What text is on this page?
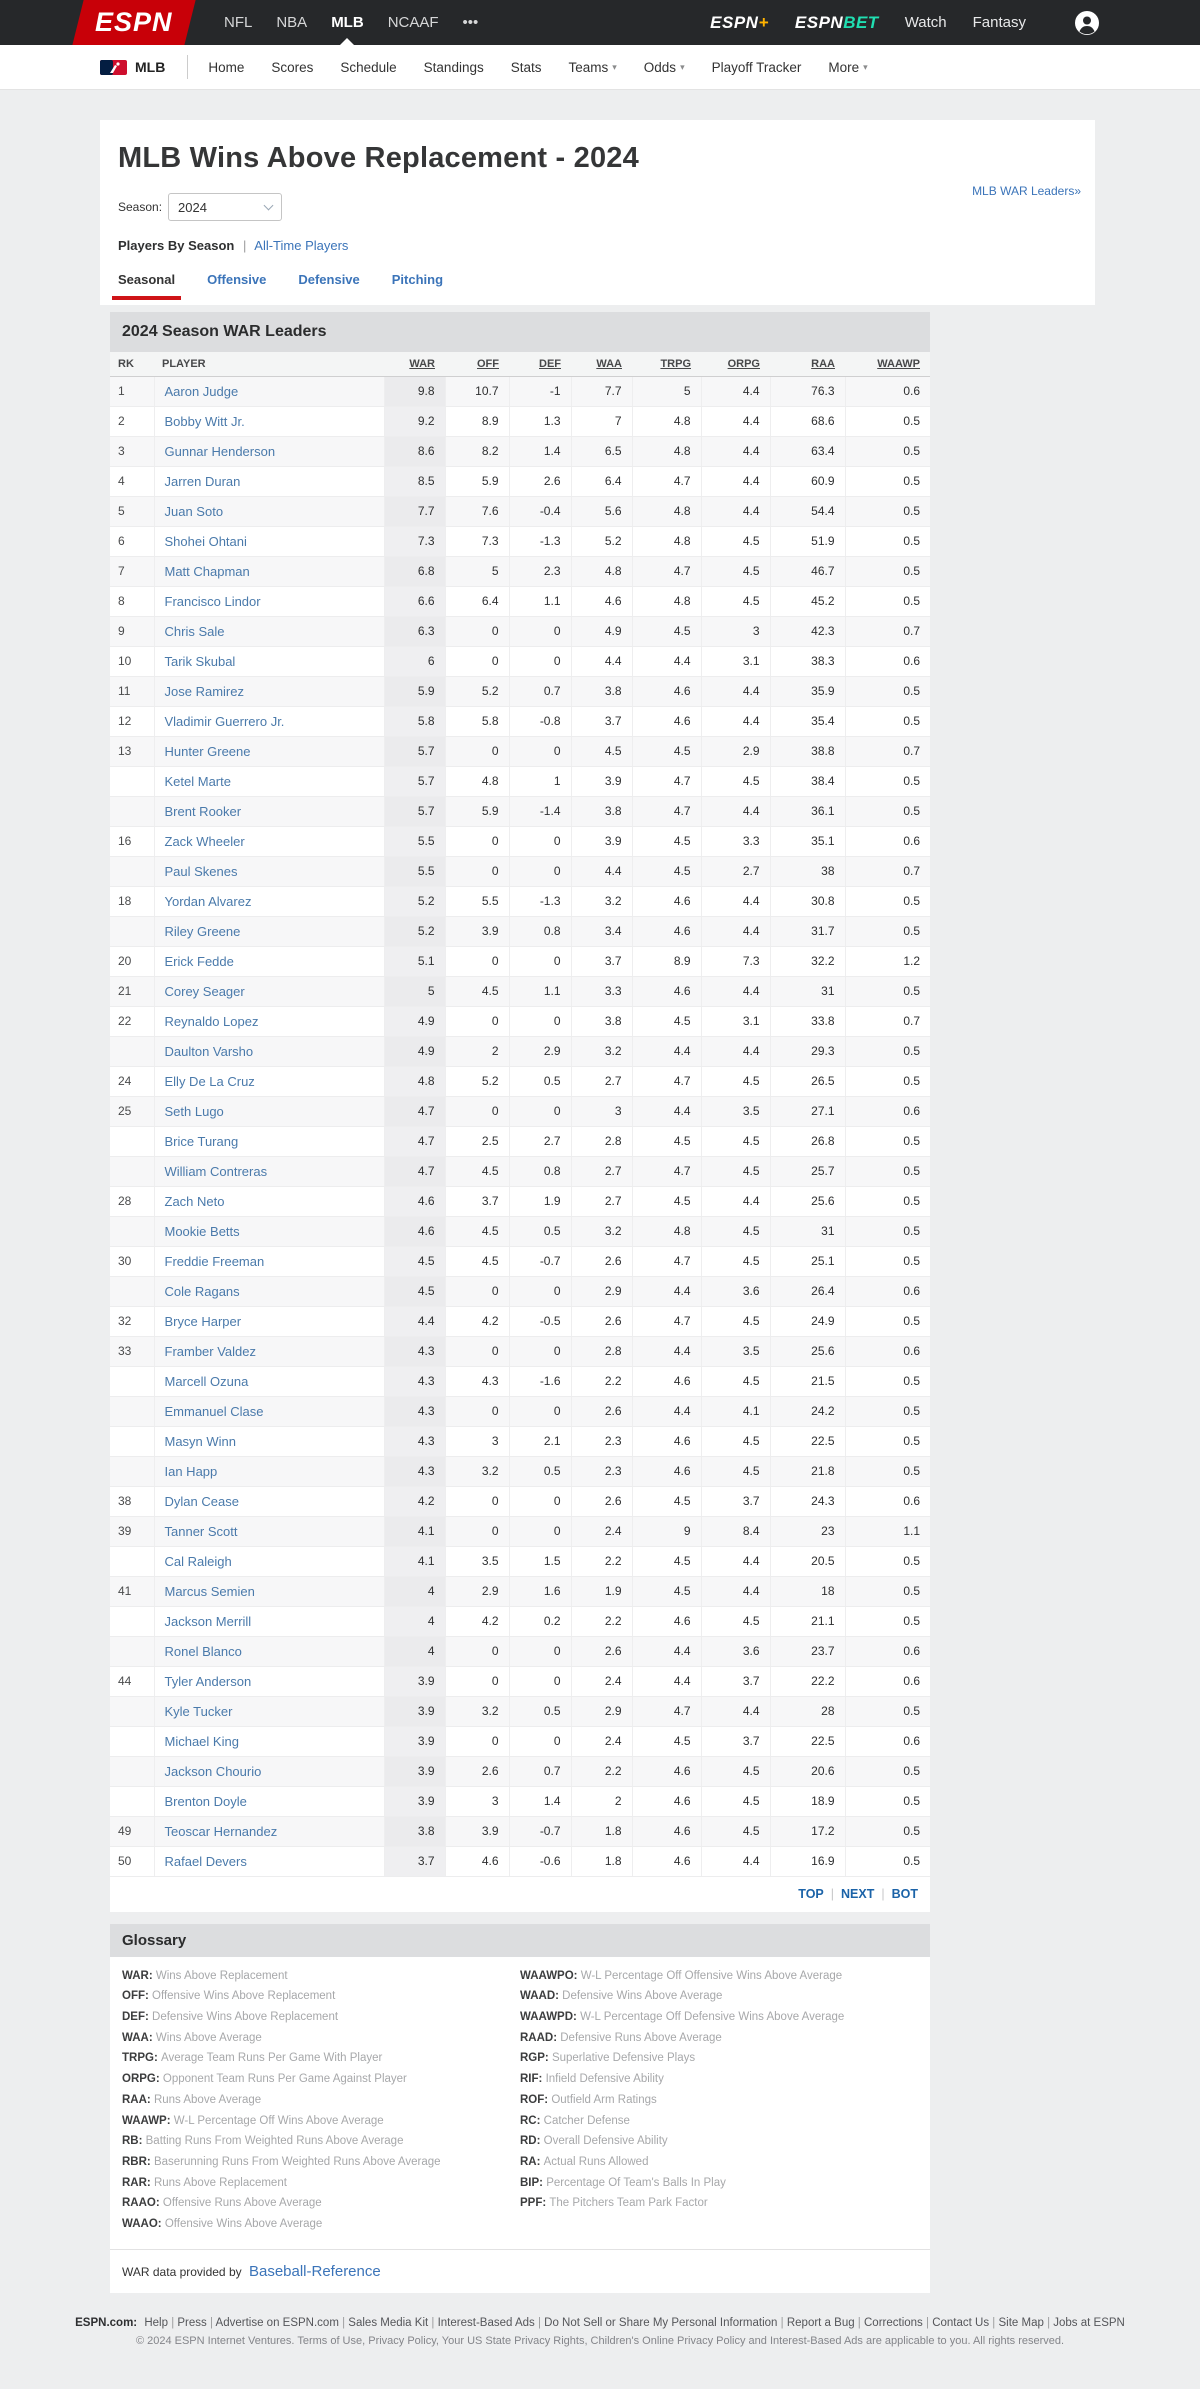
ESPN	NFL NBA MLB NCAAF •••	ESPN+ ESPNBET Watch Fantasy
MLB	Home Scores Schedule Standings Stats Teams ▾ Odds ▾ Playoff Tracker More ▾
MLB Wins Above Replacement - 2024
MLB WAR Leaders»
Season: 2024
Players By Season | All-Time Players
Seasonal Offensive Defensive Pitching
2024 Season WAR Leaders
RK	PLAYER	WAR	OFF	DEF	WAA	TRPG	ORPG	RAA	WAAWP
1	Aaron Judge	9.8	10.7	-1	7.7	5	4.4	76.3	0.6
2	Bobby Witt Jr.	9.2	8.9	1.3	7	4.8	4.4	68.6	0.5
3	Gunnar Henderson	8.6	8.2	1.4	6.5	4.8	4.4	63.4	0.5
4	Jarren Duran	8.5	5.9	2.6	6.4	4.7	4.4	60.9	0.5
5	Juan Soto	7.7	7.6	-0.4	5.6	4.8	4.4	54.4	0.5
6	Shohei Ohtani	7.3	7.3	-1.3	5.2	4.8	4.5	51.9	0.5
7	Matt Chapman	6.8	5	2.3	4.8	4.7	4.5	46.7	0.5
8	Francisco Lindor	6.6	6.4	1.1	4.6	4.8	4.5	45.2	0.5
9	Chris Sale	6.3	0	0	4.9	4.5	3	42.3	0.7
10	Tarik Skubal	6	0	0	4.4	4.4	3.1	38.3	0.6
11	Jose Ramirez	5.9	5.2	0.7	3.8	4.6	4.4	35.9	0.5
12	Vladimir Guerrero Jr.	5.8	5.8	-0.8	3.7	4.6	4.4	35.4	0.5
13	Hunter Greene	5.7	0	0	4.5	4.5	2.9	38.8	0.7
	Ketel Marte	5.7	4.8	1	3.9	4.7	4.5	38.4	0.5
	Brent Rooker	5.7	5.9	-1.4	3.8	4.7	4.4	36.1	0.5
16	Zack Wheeler	5.5	0	0	3.9	4.5	3.3	35.1	0.6
	Paul Skenes	5.5	0	0	4.4	4.5	2.7	38	0.7
18	Yordan Alvarez	5.2	5.5	-1.3	3.2	4.6	4.4	30.8	0.5
	Riley Greene	5.2	3.9	0.8	3.4	4.6	4.4	31.7	0.5
20	Erick Fedde	5.1	0	0	3.7	8.9	7.3	32.2	1.2
21	Corey Seager	5	4.5	1.1	3.3	4.6	4.4	31	0.5
22	Reynaldo Lopez	4.9	0	0	3.8	4.5	3.1	33.8	0.7
	Daulton Varsho	4.9	2	2.9	3.2	4.4	4.4	29.3	0.5
24	Elly De La Cruz	4.8	5.2	0.5	2.7	4.7	4.5	26.5	0.5
25	Seth Lugo	4.7	0	0	3	4.4	3.5	27.1	0.6
	Brice Turang	4.7	2.5	2.7	2.8	4.5	4.5	26.8	0.5
	William Contreras	4.7	4.5	0.8	2.7	4.7	4.5	25.7	0.5
28	Zach Neto	4.6	3.7	1.9	2.7	4.5	4.4	25.6	0.5
	Mookie Betts	4.6	4.5	0.5	3.2	4.8	4.5	31	0.5
30	Freddie Freeman	4.5	4.5	-0.7	2.6	4.7	4.5	25.1	0.5
	Cole Ragans	4.5	0	0	2.9	4.4	3.6	26.4	0.6
32	Bryce Harper	4.4	4.2	-0.5	2.6	4.7	4.5	24.9	0.5
33	Framber Valdez	4.3	0	0	2.8	4.4	3.5	25.6	0.6
	Marcell Ozuna	4.3	4.3	-1.6	2.2	4.6	4.5	21.5	0.5
	Emmanuel Clase	4.3	0	0	2.6	4.4	4.1	24.2	0.5
	Masyn Winn	4.3	3	2.1	2.3	4.6	4.5	22.5	0.5
	Ian Happ	4.3	3.2	0.5	2.3	4.6	4.5	21.8	0.5
38	Dylan Cease	4.2	0	0	2.6	4.5	3.7	24.3	0.6
39	Tanner Scott	4.1	0	0	2.4	9	8.4	23	1.1
	Cal Raleigh	4.1	3.5	1.5	2.2	4.5	4.4	20.5	0.5
41	Marcus Semien	4	2.9	1.6	1.9	4.5	4.4	18	0.5
	Jackson Merrill	4	4.2	0.2	2.2	4.6	4.5	21.1	0.5
	Ronel Blanco	4	0	0	2.6	4.4	3.6	23.7	0.6
44	Tyler Anderson	3.9	0	0	2.4	4.4	3.7	22.2	0.6
	Kyle Tucker	3.9	3.2	0.5	2.9	4.7	4.4	28	0.5
	Michael King	3.9	0	0	2.4	4.5	3.7	22.5	0.6
	Jackson Chourio	3.9	2.6	0.7	2.2	4.6	4.5	20.6	0.5
	Brenton Doyle	3.9	3	1.4	2	4.6	4.5	18.9	0.5
49	Teoscar Hernandez	3.8	3.9	-0.7	1.8	4.6	4.5	17.2	0.5
50	Rafael Devers	3.7	4.6	-0.6	1.8	4.6	4.4	16.9	0.5
TOP | NEXT | BOT
Glossary
WAR: Wins Above Replacement
OFF: Offensive Wins Above Replacement
DEF: Defensive Wins Above Replacement
WAA: Wins Above Average
TRPG: Average Team Runs Per Game With Player
ORPG: Opponent Team Runs Per Game Against Player
RAA: Runs Above Average
WAAWP: W-L Percentage Off Wins Above Average
RB: Batting Runs From Weighted Runs Above Average
RBR: Baserunning Runs From Weighted Runs Above Average
RAR: Runs Above Replacement
RAAO: Offensive Runs Above Average
WAAO: Offensive Wins Above Average
WAAWPO: W-L Percentage Off Offensive Wins Above Average
WAAD: Defensive Wins Above Average
WAAWPD: W-L Percentage Off Defensive Wins Above Average
RAAD: Defensive Runs Above Average
RGP: Superlative Defensive Plays
RIF: Infield Defensive Ability
ROF: Outfield Arm Ratings
RC: Catcher Defense
RD: Overall Defensive Ability
RA: Actual Runs Allowed
BIP: Percentage Of Team's Balls In Play
PPF: The Pitchers Team Park Factor
WAR data provided by Baseball-Reference
ESPN.com: Help | Press | Advertise on ESPN.com | Sales Media Kit | Interest-Based Ads | Do Not Sell or Share My Personal Information | Report a Bug | Corrections | Contact Us | Site Map | Jobs at ESPN
© 2024 ESPN Internet Ventures. Terms of Use, Privacy Policy, Your US State Privacy Rights, Children's Online Privacy Policy and Interest-Based Ads are applicable to you. All rights reserved.
